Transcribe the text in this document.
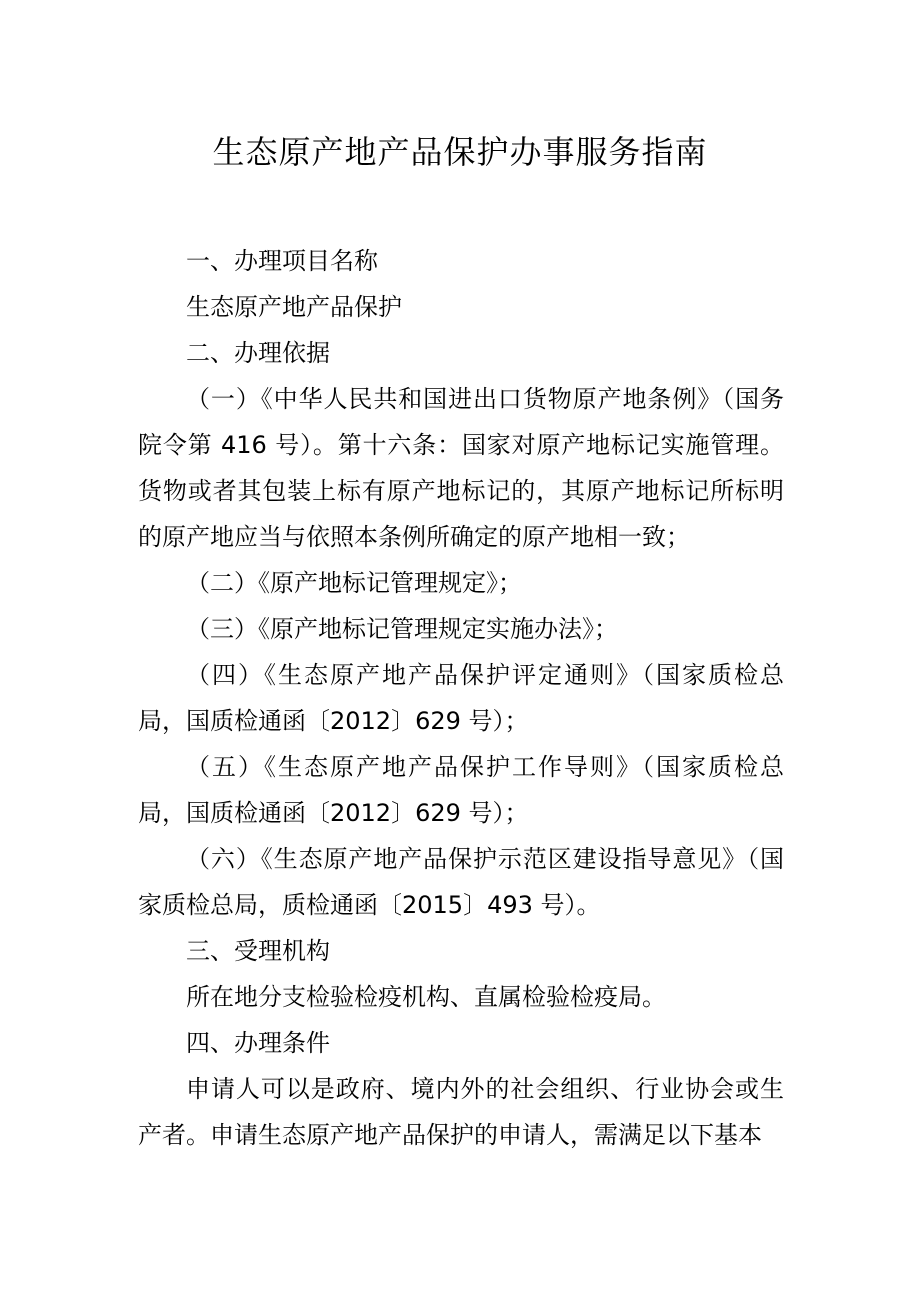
生态原产地产品保护办事服务指南

一、办理项目名称

生态原产地产品保护

二、办理依据

（一）《中华人民共和国进出口货物原产地条例》（国务院令第 416 号）。第十六条：国家对原产地标记实施管理。货物或者其包装上标有原产地标记的，其原产地标记所标明的原产地应当与依照本条例所确定的原产地相一致；

（二）《原产地标记管理规定》；

（三）《原产地标记管理规定实施办法》；

（四）《生态原产地产品保护评定通则》（国家质检总局，国质检通函〔2012〕629 号）；

（五）《生态原产地产品保护工作导则》（国家质检总局，国质检通函〔2012〕629 号）；

（六）《生态原产地产品保护示范区建设指导意见》（国家质检总局，质检通函〔2015〕493 号）。

三、受理机构

所在地分支检验检疫机构、直属检验检疫局。

四、办理条件

申请人可以是政府、境内外的社会组织、行业协会或生产者。申请生态原产地产品保护的申请人，需满足以下基本
